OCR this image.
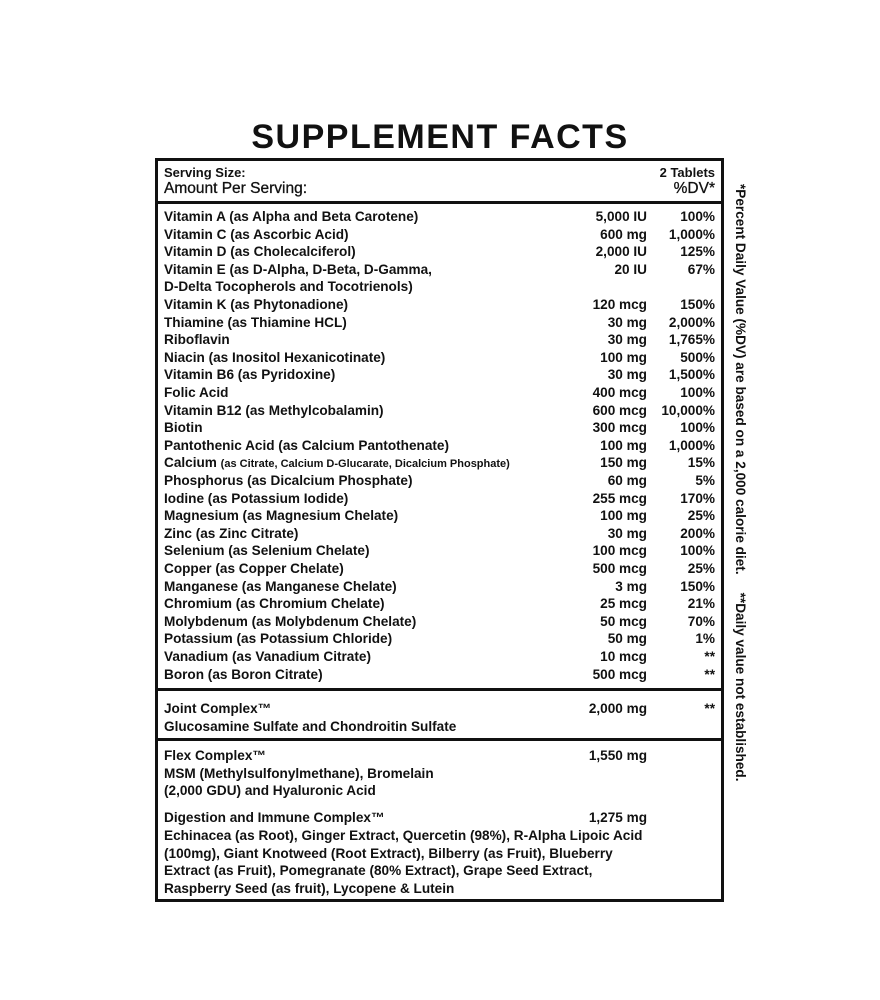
SUPPLEMENT FACTS
Serving Size:	2 Tablets
Amount Per Serving:	%DV*
Vitamin A (as Alpha and Beta Carotene)	5,000 IU 100%
Vitamin C (as Ascorbic Acid)	600 mg 1,000%
Vitamin D (as Cholecalciferol)	2,000 IU 125%
Vitamin E (as D-Alpha, D-Beta, D-Gamma,	20 IU	67%
D-Delta Tocopherols and Tocotrienols)
Vitamin K (as Phytonadione)	120 mcg 150%
Thiamine (as Thiamine HCL)	30 mg 2,000%
Riboflavin	30 mg 1,765%
Niacin (as Inositol Hexanicotinate)	100 mg 500%
Vitamin B6 (as Pyridoxine)	30 mg 1,500%
Folic Acid	400 mcg 100%
Vitamin B12 (as Methylcobalamin)	600 mcg 10,000%
Biotin	300 mcg 100%
Pantothenic Acid (as Calcium Pantothenate)	100 mg 1,000%
Calcium (as Citrate, Calcium D-Glucarate, Dicalcium Phosphate)	150 mg	15%
Phosphorus (as Dicalcium Phosphate)	60 mg	5%
Iodine (as Potassium Iodide)	255 mcg 170%
Magnesium (as Magnesium Chelate)	100 mg	25%
Zinc (as Zinc Citrate)	30 mg 200%
Selenium (as Selenium Chelate)	100 mcg 100%
Copper (as Copper Chelate)	500 mcg	25%
Manganese (as Manganese Chelate)	3 mg 150%
Chromium (as Chromium Chelate)	25 mcg	21%
Molybdenum (as Molybdenum Chelate)	50 mcg	70%
Potassium (as Potassium Chloride)	50 mg	1%
Vanadium (as Vanadium Citrate)	10 mcg	**
Boron (as Boron Citrate)	500 mcg	**
Joint Complex™	2,000 mg	**
Glucosamine Sulfate and Chondroitin Sulfate
Flex Complex™	1,550 mg
MSM (Methylsulfonylmethane), Bromelain
(2,000 GDU) and Hyaluronic Acid
Digestion and Immune Complex™	1,275 mg
Echinacea (as Root), Ginger Extract, Quercetin (98%), R-Alpha Lipoic Acid
(100mg), Giant Knotweed (Root Extract), Bilberry (as Fruit), Blueberry
Extract (as Fruit), Pomegranate (80% Extract), Grape Seed Extract,
Raspberry Seed (as fruit), Lycopene & Lutein
*Percent Daily Value (%DV) are based on a 2,000 calorie diet.**Daily value not established.
